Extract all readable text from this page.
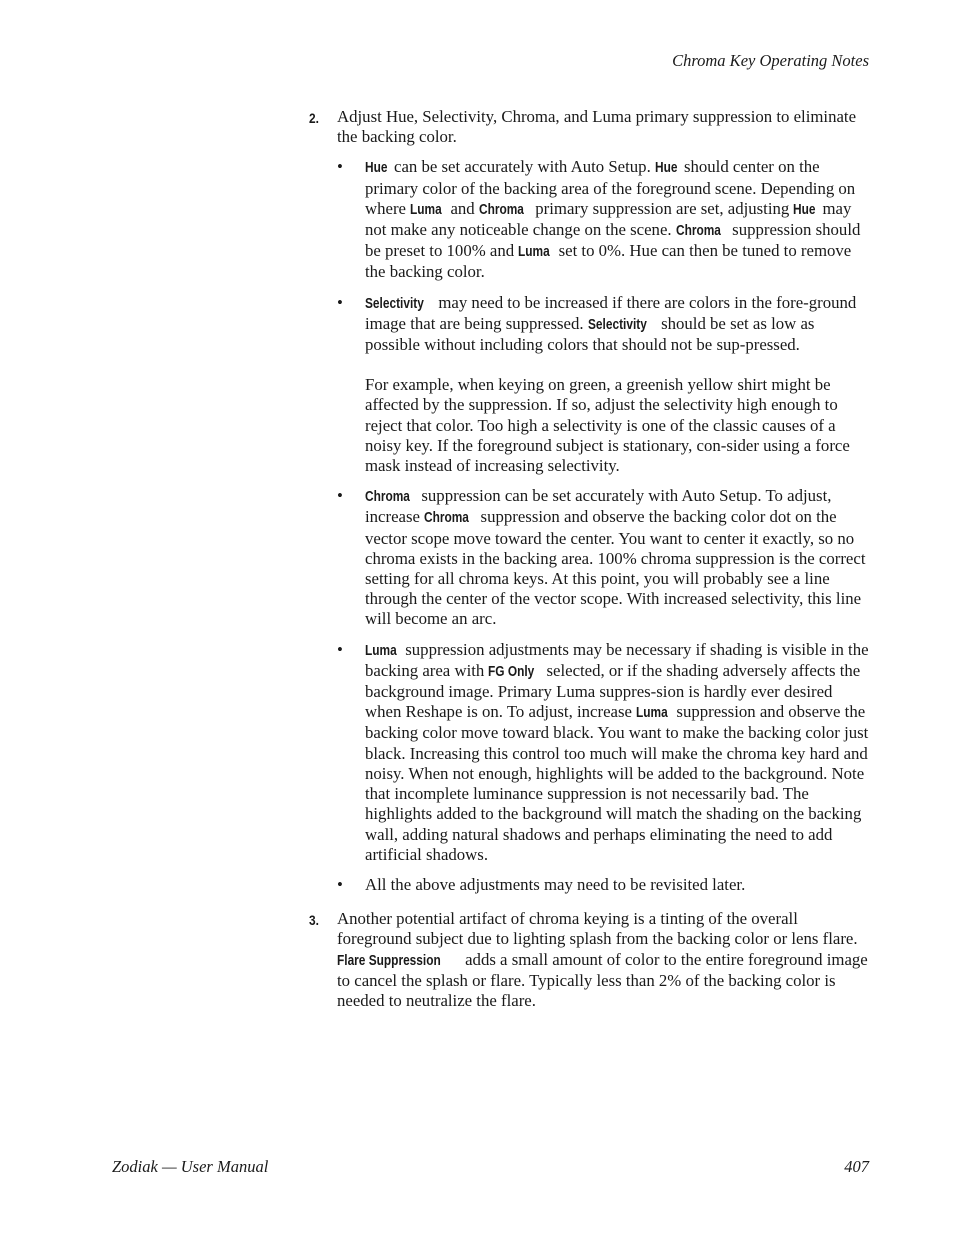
Chroma Key Operating Notes
2. Adjust Hue, Selectivity, Chroma, and Luma primary suppression to eliminate the backing color.
• Hue can be set accurately with Auto Setup. Hue should center on the primary color of the backing area of the foreground scene. Depending on where Luma and Chroma primary suppression are set, adjusting Hue may not make any noticeable change on the scene. Chroma suppression should be preset to 100% and Luma set to 0%. Hue can then be tuned to remove the backing color.

• Selectivity may need to be increased if there are colors in the fore-ground image that are being suppressed. Selectivity should be set as low as possible without including colors that should not be sup-pressed.

For example, when keying on green, a greenish yellow shirt might be affected by the suppression. If so, adjust the selectivity high enough to reject that color. Too high a selectivity is one of the classic causes of a noisy key. If the foreground subject is stationary, con-sider using a force mask instead of increasing selectivity.

• Chroma suppression can be set accurately with Auto Setup. To adjust, increase Chroma suppression and observe the backing color dot on the vector scope move toward the center. You want to center it exactly, so no chroma exists in the backing area. 100% chroma suppression is the correct setting for all chroma keys. At this point, you will probably see a line through the center of the vector scope. With increased selectivity, this line will become an arc.

• Luma suppression adjustments may be necessary if shading is visible in the backing area with FG Only selected, or if the shading adversely affects the background image. Primary Luma suppres-sion is hardly ever desired when Reshape is on. To adjust, increase Luma suppression and observe the backing color move toward black. You want to make the backing color just black. Increasing this control too much will make the chroma key hard and noisy. When not enough, highlights will be added to the background. Note that incomplete luminance suppression is not necessarily bad. The highlights added to the background will match the shading on the backing wall, adding natural shadows and perhaps eliminating the need to add artificial shadows.

• All the above adjustments may need to be revisited later.

3. Another potential artifact of chroma keying is a tinting of the overall foreground subject due to lighting splash from the backing color or lens flare. Flare Suppression adds a small amount of color to the entire foreground image to cancel the splash or flare. Typically less than 2% of the backing color is needed to neutralize the flare.
Zodiak — User Manual	407
